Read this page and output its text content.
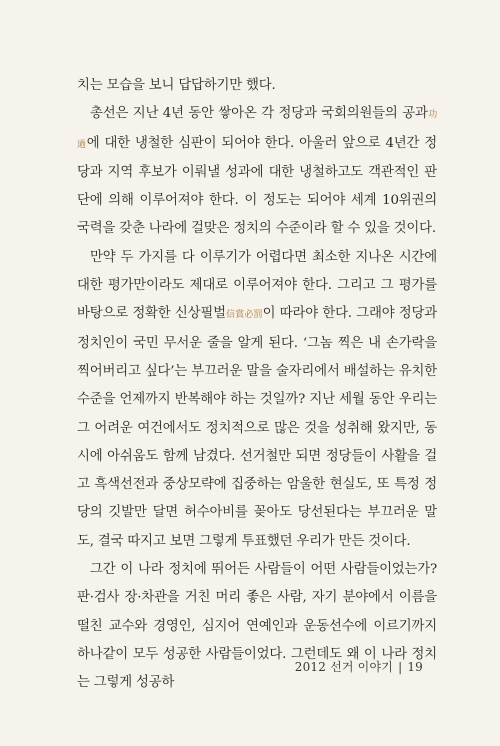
치는 모습을 보니 답답하기만 했다.

총선은 지난 4년 동안 쌓아온 각 정당과 국회의원들의 공과功過에 대한 냉철한 심판이 되어야 한다. 아울러 앞으로 4년간 정당과 지역 후보가 이뤄낼 성과에 대한 냉철하고도 객관적인 판단에 의해 이루어져야 한다. 이 정도는 되어야 세계 10위권의 국력을 갖춘 나라에 걸맞은 정치의 수준이라 할 수 있을 것이다.

만약 두 가지를 다 이루기가 어렵다면 최소한 지나온 시간에 대한 평가만이라도 제대로 이루어져야 한다. 그리고 그 평가를 바탕으로 정확한 신상필벌信賞必罰이 따라야 한다. 그래야 정당과 정치인이 국민 무서운 줄을 알게 된다. ‘그놈 찍은 내 손가락을 찍어버리고 싶다’는 부끄러운 말을 술자리에서 배설하는 유치한 수준을 언제까지 반복해야 하는 것일까? 지난 세월 동안 우리는 그 어려운 여건에서도 정치적으로 많은 것을 성취해 왔지만, 동시에 아쉬움도 함께 남겼다. 선거철만 되면 정당들이 사활을 걸고 흑색선전과 중상모략에 집중하는 암울한 현실도, 또 특정 정당의 깃발만 달면 허수아비를 꽂아도 당선된다는 부끄러운 말도, 결국 따지고 보면 그렇게 투표했던 우리가 만든 것이다.

그간 이 나라 정치에 뛰어든 사람들이 어떤 사람들이었는가? 판·검사 장·차관을 거친 머리 좋은 사람, 자기 분야에서 이름을 떨친 교수와 경영인, 심지어 연예인과 운동선수에 이르기까지 하나같이 모두 성공한 사람들이었다. 그런데도 왜 이 나라 정치는 그렇게 성공하

2012 선거 이야기 | 19
